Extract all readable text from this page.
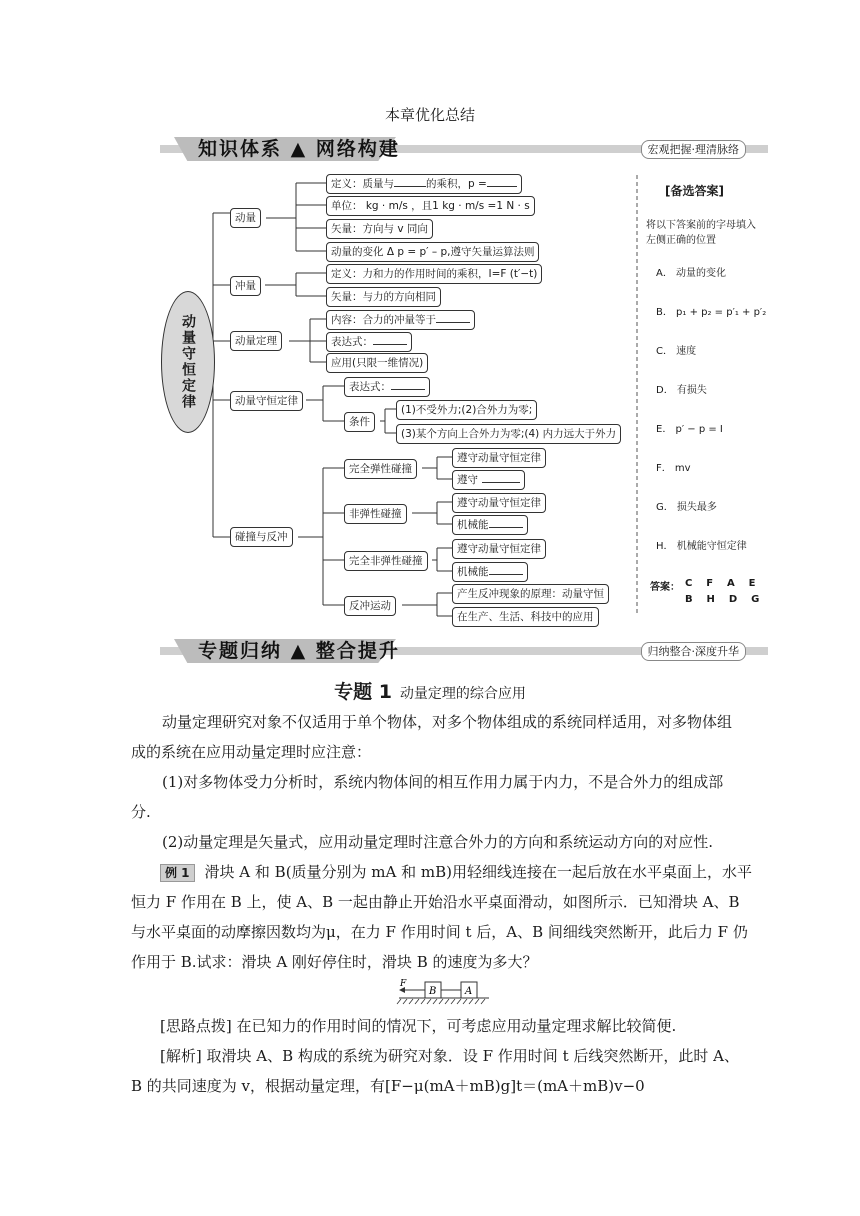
本章优化总结
知识体系 ▲ 网络构建	宏观把握·理清脉络
动量守恒定律
动量
冲量
动量定理
动量守恒定律
碰撞与反冲
定义：质量与	的乘积，p =
单位： kg · m/s ，且1 kg · m/s =1 N · s
矢量：方向与 v 同向
动量的变化 Δ p = p′ – p,遵守矢量运算法则
定义：力和力的作用时间的乘积，I=F (t′−t)
矢量：与力的方向相同
内容：合力的冲量等于
表达式：
应用(只限一维情况)
表达式：
条件
(1)不受外力;(2)合外力为零;
(3)某个方向上合外力为零;(4) 内力远大于外力
完全弹性碰撞
遵守动量守恒定律
遵守
非弹性碰撞
遵守动量守恒定律
机械能
完全非弹性碰撞
遵守动量守恒定律
机械能
反冲运动
产生反冲现象的原理：动量守恒
在生产、生活、科技中的应用
[备选答案]
将以下答案前的字母填入
左侧正确的位置
A． 动量的变化
B． p₁ + p₂ = p′₁ + p′₂
C． 速度
D． 有损失
E． p′ − p = I
F． mv
G． 损失最多
H． 机械能守恒定律
答案： C    F    A    E
B    H    D    G
专题归纳 ▲ 整合提升	归纳整合·深度升华
专题 1 动量定理的综合应用
动量定理研究对象不仅适用于单个物体，对多个物体组成的系统同样适用，对多物体组
成的系统在应用动量定理时应注意：
(1)对多物体受力分析时，系统内物体间的相互作用力属于内力，不是合外力的组成部
分.
(2)动量定理是矢量式，应用动量定理时注意合外力的方向和系统运动方向的对应性.
例 1 滑块 A 和 B(质量分别为 mA 和 mB)用轻细线连接在一起后放在水平桌面上，水平
恒力 F 作用在 B 上，使 A、B 一起由静止开始沿水平桌面滑动，如图所示．已知滑块 A、B
与水平桌面的动摩擦因数均为μ，在力 F 作用时间 t 后，A、B 间细线突然断开，此后力 F 仍
作用于 B.试求：滑块 A 刚好停住时，滑块 B 的速度为多大？
F
B	A
[思路点拨] 在已知力的作用时间的情况下，可考虑应用动量定理求解比较简便.
[解析] 取滑块 A、B 构成的系统为研究对象．设 F 作用时间 t 后线突然断开，此时 A、
B 的共同速度为 v，根据动量定理，有[F−μ(mA＋mB)g]t＝(mA＋mB)v−0
